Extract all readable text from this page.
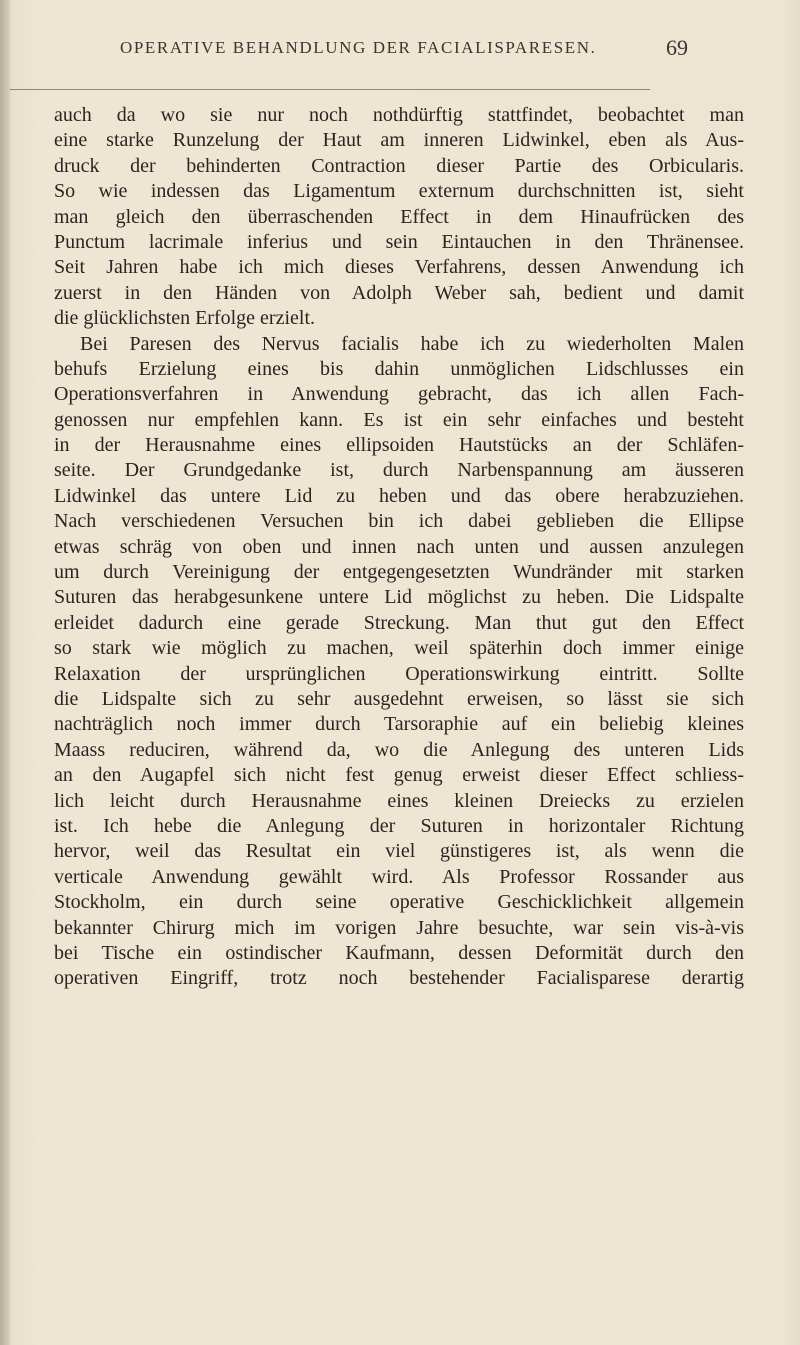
OPERATIVE BEHANDLUNG DER FACIALISPARESEN.	69
auch da wo sie nur noch nothdürftig stattfindet, beobachtet man
eine starke Runzelung der Haut am inneren Lidwinkel, eben als Aus-
druck der behinderten Contraction dieser Partie des Orbicularis.
So wie indessen das Ligamentum externum durchschnitten ist, sieht
man gleich den überraschenden Effect in dem Hinaufrücken des
Punctum lacrimale inferius und sein Eintauchen in den Thränensee.
Seit Jahren habe ich mich dieses Verfahrens, dessen Anwendung ich
zuerst in den Händen von Adolph Weber sah, bedient und damit
die glücklichsten Erfolge erzielt.
Bei Paresen des Nervus facialis habe ich zu wiederholten Malen
behufs Erzielung eines bis dahin unmöglichen Lidschlusses ein
Operationsverfahren in Anwendung gebracht, das ich allen Fach-
genossen nur empfehlen kann. Es ist ein sehr einfaches und besteht
in der Herausnahme eines ellipsoiden Hautstücks an der Schläfen-
seite. Der Grundgedanke ist, durch Narbenspannung am äusseren
Lidwinkel das untere Lid zu heben und das obere herabzuziehen.
Nach verschiedenen Versuchen bin ich dabei geblieben die Ellipse
etwas schräg von oben und innen nach unten und aussen anzulegen
um durch Vereinigung der entgegengesetzten Wundränder mit starken
Suturen das herabgesunkene untere Lid möglichst zu heben. Die Lidspalte
erleidet dadurch eine gerade Streckung. Man thut gut den Effect
so stark wie möglich zu machen, weil späterhin doch immer einige
Relaxation der ursprünglichen Operationswirkung eintritt. Sollte
die Lidspalte sich zu sehr ausgedehnt erweisen, so lässt sie sich
nachträglich noch immer durch Tarsoraphie auf ein beliebig kleines
Maass reduciren, während da, wo die Anlegung des unteren Lids
an den Augapfel sich nicht fest genug erweist dieser Effect schliess-
lich leicht durch Herausnahme eines kleinen Dreiecks zu erzielen
ist. Ich hebe die Anlegung der Suturen in horizontaler Richtung
hervor, weil das Resultat ein viel günstigeres ist, als wenn die
verticale Anwendung gewählt wird. Als Professor Rossander aus
Stockholm, ein durch seine operative Geschicklichkeit allgemein
bekannter Chirurg mich im vorigen Jahre besuchte, war sein vis-à-vis
bei Tische ein ostindischer Kaufmann, dessen Deformität durch den
operativen Eingriff, trotz noch bestehender Facialisparese derartig
